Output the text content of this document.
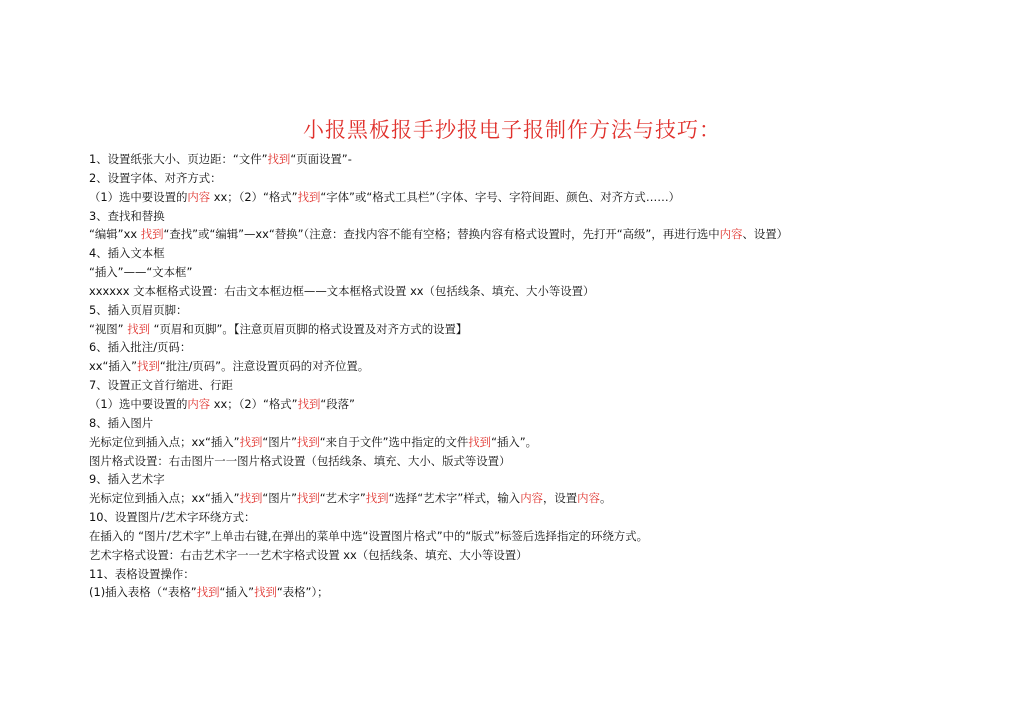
小报黑板报手抄报电子报制作方法与技巧：
1、设置纸张大小、页边距：“文件”找到“页面设置”-
2、设置字体、对齐方式：
（1）选中要设置的内容 xx；（2）“格式”找到“字体”或“格式工具栏”（字体、字号、字符间距、颜色、对齐方式……）
3、查找和替换
“编辑”xx 找到“查找”或“编辑”—xx“替换”（注意：查找内容不能有空格；替换内容有格式设置时，先打开“高级”，再进行选中内容、设置）
4、插入文本框
“插入”——“文本框”
xxxxxx 文本框格式设置：右击文本框边框——文本框格式设置 xx（包括线条、填充、大小等设置）
5、插入页眉页脚：
“视图” 找到 “页眉和页脚”。【注意页眉页脚的格式设置及对齐方式的设置】
6、插入批注/页码：
xx“插入”找到“批注/页码”。注意设置页码的对齐位置。
7、设置正文首行缩进、行距
（1）选中要设置的内容 xx；（2）“格式”找到“段落”
8、插入图片
光标定位到插入点；xx“插入”找到“图片”找到“来自于文件”选中指定的文件找到“插入”。
图片格式设置：右击图片一一图片格式设置（包括线条、填充、大小、版式等设置）
9、插入艺术字
光标定位到插入点；xx“插入”找到“图片”找到“艺术字”找到“选择“艺术字”样式，输入内容，设置内容。
10、设置图片/艺术字环绕方式：
在插入的 “图片/艺术字”上单击右键,在弹出的菜单中选“设置图片格式”中的“版式”标签后选择指定的环绕方式。
艺术字格式设置：右击艺术字一一艺术字格式设置 xx（包括线条、填充、大小等设置）
11、表格设置操作：
(1)插入表格（“表格”找到“插入”找到“表格”）；
